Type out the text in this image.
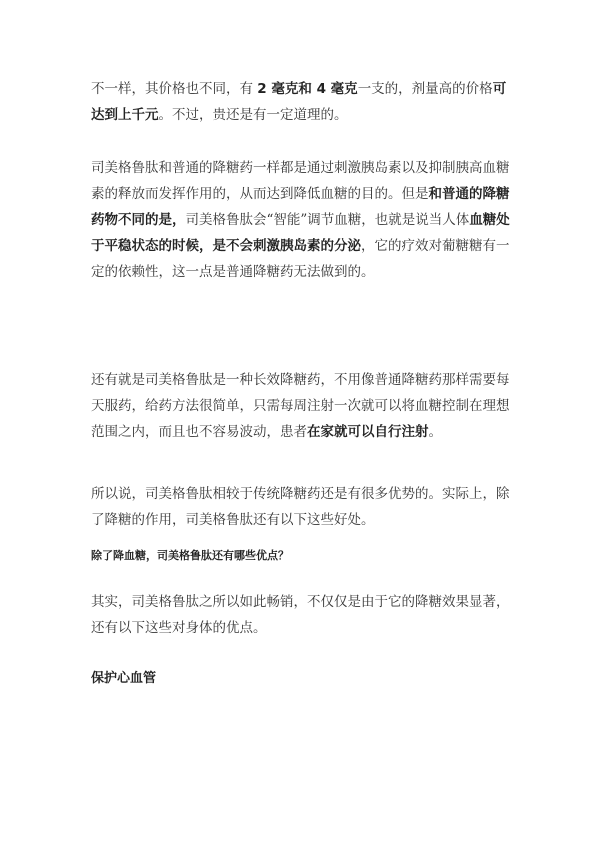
不一样，其价格也不同，有 2 毫克和 4 毫克一支的，剂量高的价格可达到上千元。不过，贵还是有一定道理的。

司美格鲁肽和普通的降糖药一样都是通过刺激胰岛素以及抑制胰高血糖素的释放而发挥作用的，从而达到降低血糖的目的。但是和普通的降糖药物不同的是，司美格鲁肽会“智能”调节血糖，也就是说当人体血糖处于平稳状态的时候，是不会刺激胰岛素的分泌，它的疗效对葡糖糖有一定的依赖性，这一点是普通降糖药无法做到的。

还有就是司美格鲁肽是一种长效降糖药，不用像普通降糖药那样需要每天服药，给药方法很简单，只需每周注射一次就可以将血糖控制在理想范围之内，而且也不容易波动，患者在家就可以自行注射。

所以说，司美格鲁肽相较于传统降糖药还是有很多优势的。实际上，除了降糖的作用，司美格鲁肽还有以下这些好处。

除了降血糖，司美格鲁肽还有哪些优点？

其实，司美格鲁肽之所以如此畅销，不仅仅是由于它的降糖效果显著，还有以下这些对身体的优点。

保护心血管
